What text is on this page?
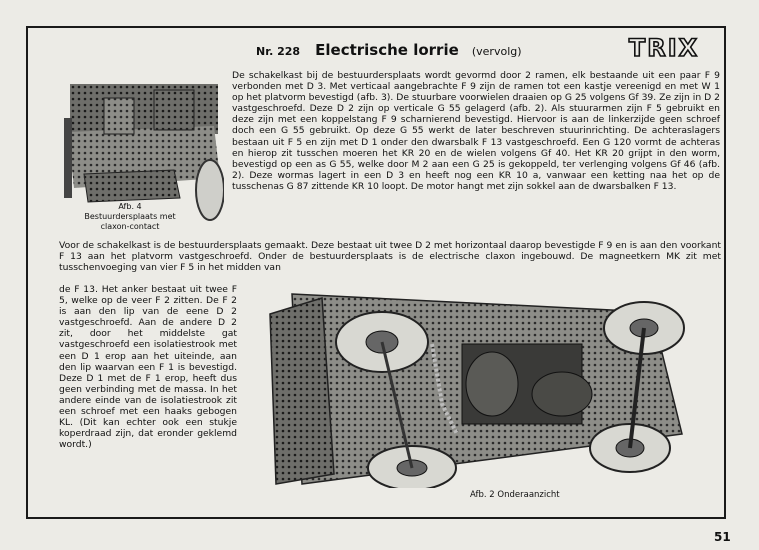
Nr. 228 Electrische lorrie (vervolg)	TRIX
Afb. 4
Bestuurdersplaats met claxon-contact
De schakelkast bij de bestuurdersplaats wordt gevormd door 2 ramen, elk bestaande uit een paar F 9 verbonden met D 3. Met verticaal aangebrachte F 9 zijn de ramen tot een kastje vereenigd en met W 1 op het platvorm bevestigd (afb. 3). De stuurbare voorwielen draaien op G 25 volgens Gf 39. Ze zijn in D 2 vastgeschroefd. Deze D 2 zijn op verticale G 55 gelagerd (afb. 2). Als stuurarmen zijn F 5 gebruikt en deze zijn met een koppelstang F 9 scharnierend bevestigd. Hiervoor is aan de linkerzijde geen schroef doch een G 55 gebruikt. Op deze G 55 werkt de later beschreven stuurinrichting. De achteraslagers bestaan uit F 5 en zijn met D 1 onder den dwarsbalk F 13 vastgeschroefd. Een G 120 vormt de achteras en hierop zit tusschen moeren het KR 20 en de wielen volgens Gf 40. Het KR 20 grijpt in den worm, bevestigd op een as G 55, welke door M 2 aan een G 25 is gekoppeld, ter verlenging volgens Gf 46 (afb. 2). Deze wormas lagert in een D 3 en heeft nog een KR 10 a, vanwaar een ketting naa het op de tusschenas G 87 zittende KR 10 loopt. De motor hangt met zijn sokkel aan de dwarsbalken F 13.
Voor de schakelkast is de bestuurdersplaats gemaakt. Deze bestaat uit twee D 2 met horizontaal daarop bevestigde F 9 en is aan den voorkant F 13 aan het platvorm vastgeschroefd. Onder de bestuurdersplaats is de electrische claxon ingebouwd. De magneetkern MK zit met tusschenvoeging van vier F 5 in het midden van
de F 13. Het anker bestaat uit twee F 5, welke op de veer F 2 zitten. De F 2 is aan den lip van de eene D 2 vastgeschroefd. Aan de andere D 2 zit, door het middelste gat vastgeschroefd een isolatiestrook met een D 1 erop aan het uiteinde, aan den lip waarvan een F 1 is bevestigd. Deze D 1 met de F 1 erop, heeft dus geen verbinding met de massa. In het andere einde van de isolatiestrook zit een schroef met een haaks gebogen KL. (Dit kan echter ook een stukje koperdraad zijn, dat eronder geklemd wordt.)
Afb. 2 Onderaanzicht
51
